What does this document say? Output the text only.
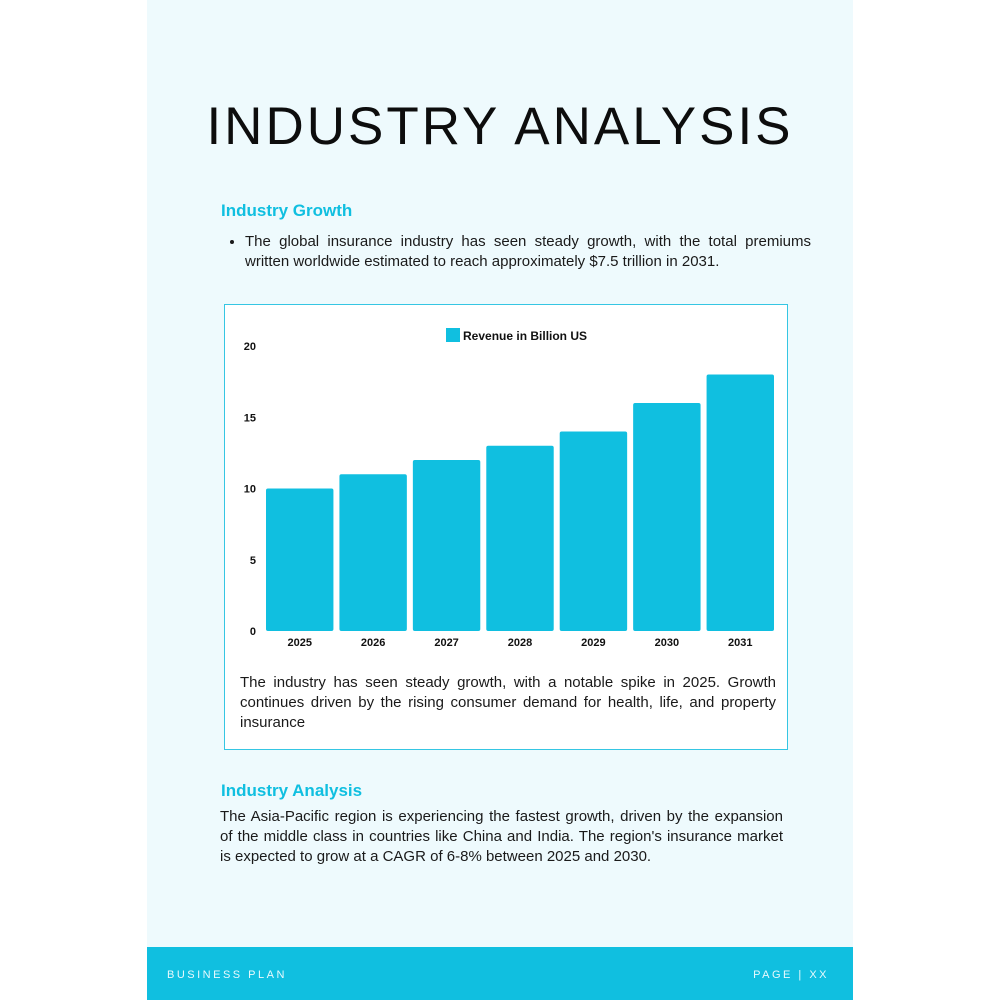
INDUSTRY ANALYSIS
Industry Growth
• The global insurance industry has seen steady growth, with the total premiums written worldwide estimated to reach approximately $7.5 trillion in 2031.
Revenue in Billion US
0
5
10
15
20
2025	2026	2027	2028	2029	2030	2031

The industry has seen steady growth, with a notable spike in 2025. Growth continues driven by the rising consumer demand for health, life, and property insurance

Industry Analysis

The Asia-Pacific region is experiencing the fastest growth, driven by the expansion of the middle class in countries like China and India. The region's insurance market is expected to grow at a CAGR of 6-8% between 2025 and 2030.

BUSINESS PLAN	PAGE | XX
